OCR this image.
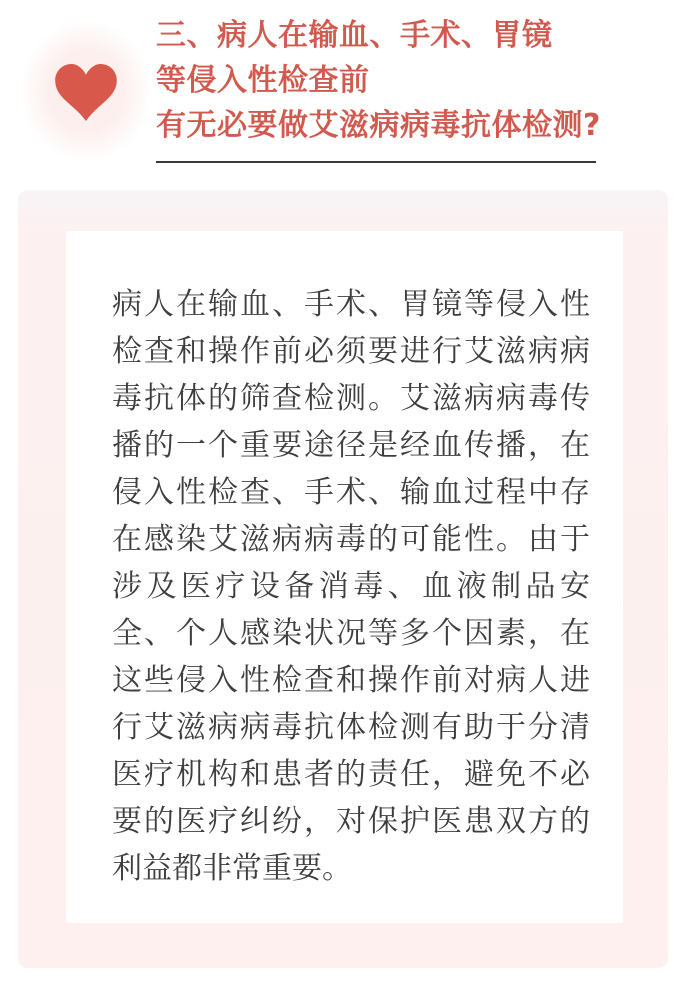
三、病人在输血、手术、胃镜
等侵入性检查前
有无必要做艾滋病病毒抗体检测?
病人在输血、手术、胃镜等侵入性
检查和操作前必须要进行艾滋病病
毒抗体的筛查检测。艾滋病病毒传
播的一个重要途径是经血传播，在
侵入性检查、手术、输血过程中存
在感染艾滋病病毒的可能性。由于
涉及医疗设备消毒、血液制品安
全、个人感染状况等多个因素，在
这些侵入性检查和操作前对病人进
行艾滋病病毒抗体检测有助于分清
医疗机构和患者的责任，避免不必
要的医疗纠纷，对保护医患双方的
利益都非常重要。
